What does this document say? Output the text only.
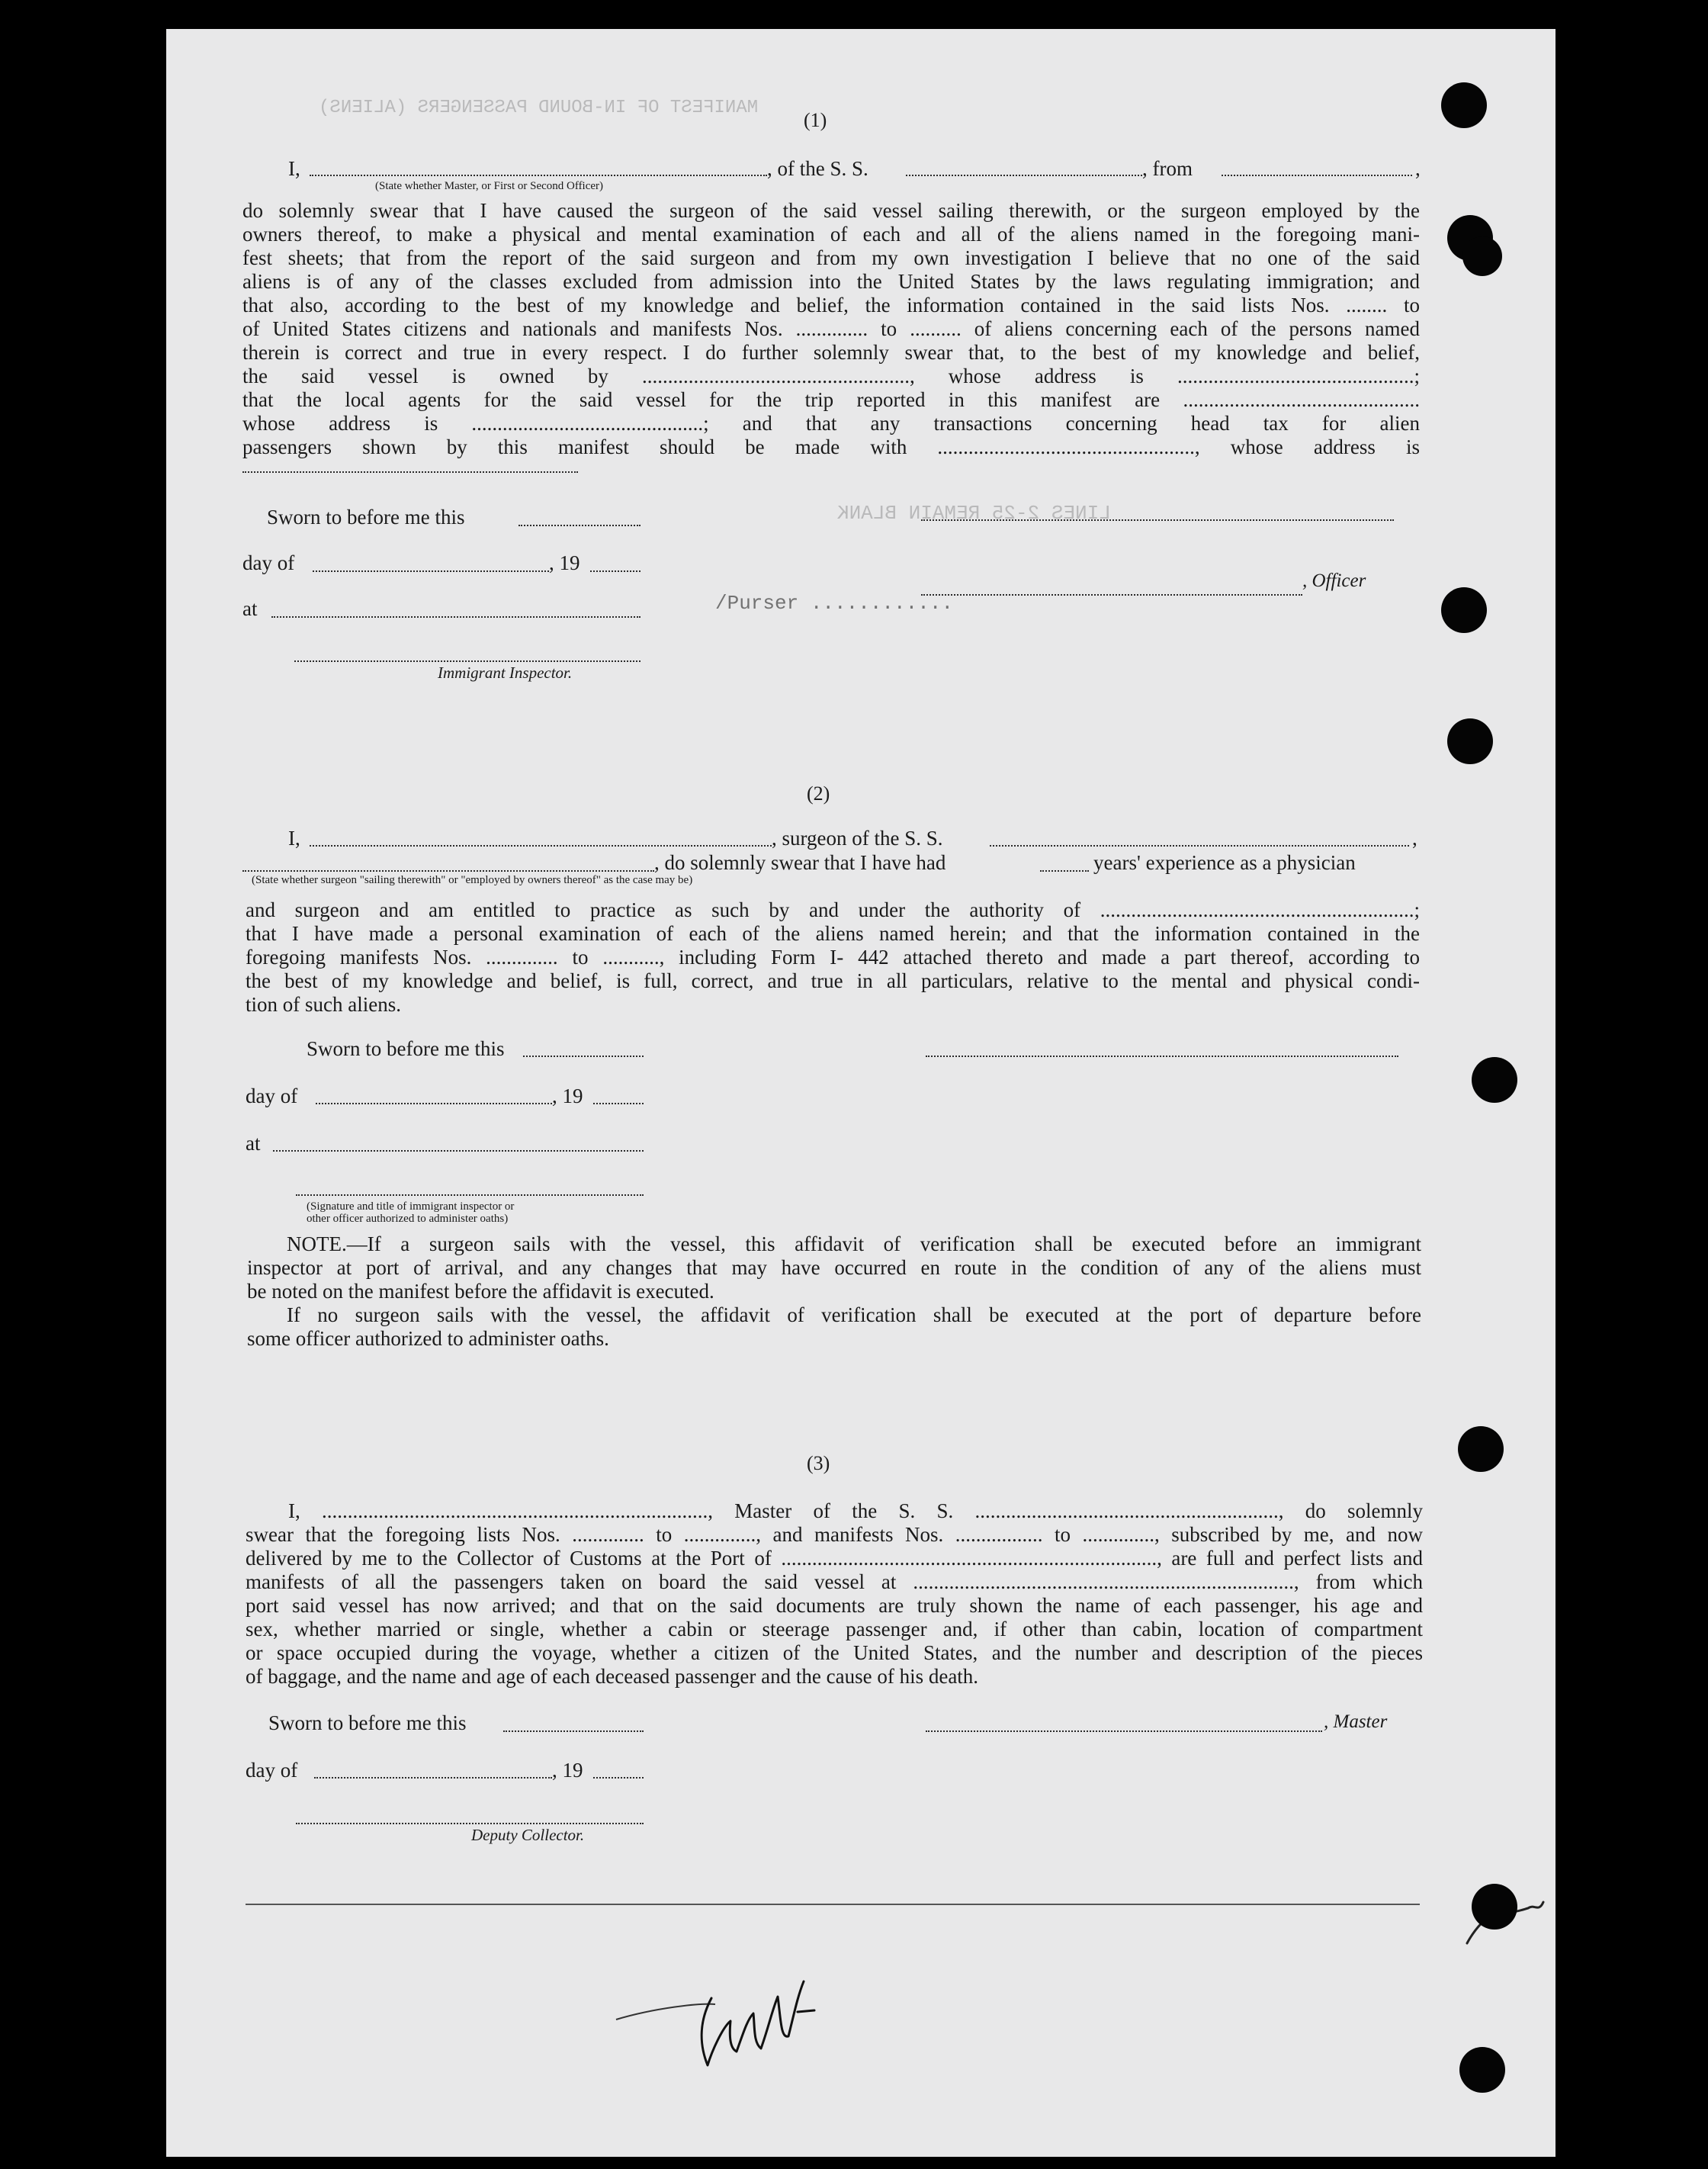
MANIFEST OF IN-BOUND PASSENGERS (ALIENS)
LINES 2-25 REMAIN BLANK
/Purser ............
(1)
I,	, of the S. S.	, from	,
(State whether Master, or First or Second Officer)
do solemnly swear that I have caused the surgeon of the said vessel sailing therewith, or the surgeon employed by the
owners thereof, to make a physical and mental examination of each and all of the aliens named in the foregoing mani-
fest sheets; that from the report of the said surgeon and from my own investigation I believe that no one of the said
aliens is of any of the classes excluded from admission into the United States by the laws regulating immigration; and
that also, according to the best of my knowledge and belief, the information contained in the said lists Nos. ........ to
of United States citizens and nationals and manifests Nos. .............. to .......... of aliens concerning each of the persons named
therein is correct and true in every respect. I do further solemnly swear that, to the best of my knowledge and belief,
the said vessel is owned by ...................................................., whose address is ..............................................;
that the local agents for the said vessel for the trip reported in this manifest are ..............................................
whose address is .............................................; and that any transactions concerning head tax for alien
passengers shown by this manifest should be made with .................................................., whose address is
Sworn to before me this
day of	, 19
, Officer
at
Immigrant Inspector.
(2)
I,	, surgeon of the S. S.	,
, do solemnly swear that I have had	years' experience as a physician
(State whether surgeon "sailing therewith" or "employed by owners thereof" as the case may be)
and surgeon and am entitled to practice as such by and under the authority of .............................................................;
that I have made a personal examination of each of the aliens named herein; and that the information contained in the
foregoing manifests Nos. .............. to ..........., including Form I- 442 attached thereto and made a part thereof, according to
the best of my knowledge and belief, is full, correct, and true in all particulars, relative to the mental and physical condi-
tion of such aliens.
Sworn to before me this
day of	, 19
at
(Signature and title of immigrant inspector or
other officer authorized to administer oaths)
NOTE.—If a surgeon sails with the vessel, this affidavit of verification shall be executed before an immigrant
inspector at port of arrival, and any changes that may have occurred en route in the condition of any of the aliens must
be noted on the manifest before the affidavit is executed.
If no surgeon sails with the vessel, the affidavit of verification shall be executed at the port of departure before
some officer authorized to administer oaths.
(3)
I, ..........................................................................., Master of the S. S. ..........................................................., do solemnly
swear that the foregoing lists Nos. .............. to .............., and manifests Nos. ................. to .............., subscribed by me, and now
delivered by me to the Collector of Customs at the Port of ........................................................................., are full and perfect lists and
manifests of all the passengers taken on board the said vessel at .........................................................................., from which
port said vessel has now arrived; and that on the said documents are truly shown the name of each passenger, his age and
sex, whether married or single, whether a cabin or steerage passenger and, if other than cabin, location of compartment
or space occupied during the voyage, whether a citizen of the United States, and the number and description of the pieces
of baggage, and the name and age of each deceased passenger and the cause of his death.
Sworn to before me this	, Master
day of	, 19
Deputy Collector.
